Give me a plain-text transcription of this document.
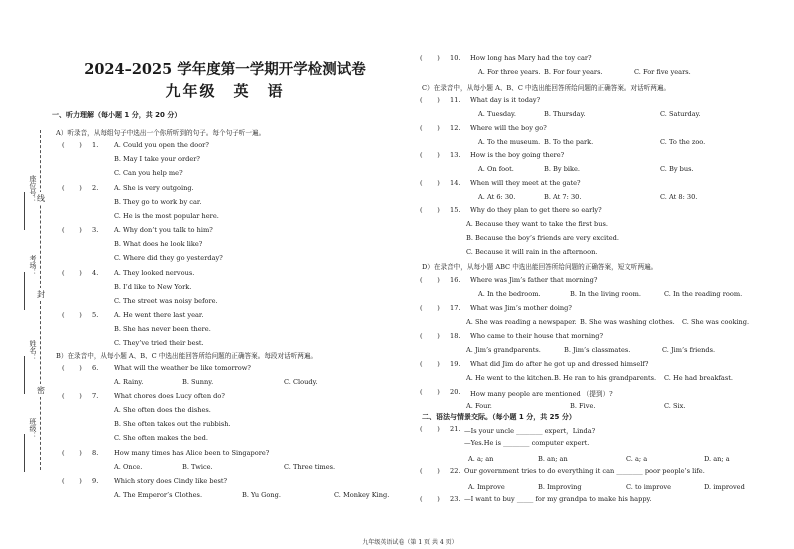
线
封
密
座位号：
考场：
姓名：
班级：
2024–2025 学年度第一学期开学检测试卷
九年级　英　语
一、听力理解（每小题 1 分，共 20 分）
A）听录音，从每组句子中选出一个你所听到的句子。每个句子听一遍。
(       ) 1. A. Could you open the door?
B. May I take your order?
C. Can you help me?
(       ) 2. A. She is very outgoing.
B. They go to work by car.
C. He is the most popular here.
(       ) 3. A. Why don’t you talk to him?
B. What does he look like?
C. Where did they go yesterday?
(       ) 4. A. They looked nervous.
B. I’d like to New York.
C. The street was noisy before.
(       ) 5. A. He went there last year.
B. She has never been there.
C. They’ve tried their best.
B）在录音中，从每小题 A、B、C 中选出能回答所给问题的正确答案。每段对话听两遍。
(       ) 6. What will the weather be like tomorrow?
A. Rainy.	B. Sunny.	C. Cloudy.
(       ) 7. What chores does Lucy often do?
A. She often does the dishes.
B. She often takes out the rubbish.
C. She often makes the bed.
(       ) 8. How many times has Alice been to Singapore?
A. Once.	B. Twice.	C. Three times.
(       ) 9. Which story does Cindy like best?
A. The Emperor’s Clothes.	B. Yu Gong.	C. Monkey King.
(       ) 10. How long has Mary had the toy car?
A. For three years. B. For four years.	C. For five years.
C）在录音中，从每小题 A、B、C 中选出能回答所给问题的正确答案。对话听两遍。
(       ) 11. What day is it today?
A. Tuesday.	B. Thursday.	C. Saturday.
(       ) 12. Where will the boy go?
A. To the museum. B. To the park.	C. To the zoo.
(       ) 13. How is the boy going there?
A. On foot.	B. By bike.	C. By bus.
(       ) 14. When will they meet at the gate?
A. At 6: 30.	B. At 7: 30.	C. At 8: 30.
(       ) 15. Why do they plan to get there so early?
A. Because they want to take the first bus.
B. Because the boy’s friends are very excited.
C. Because it will rain in the afternoon.
D）在录音中，从每小题 ABC 中选出能回答所给问题的正确答案，短文听两遍。
(       ) 16. Where was Jim’s father that morning?
A. In the bedroom.	B. In the living room.	C. In the reading room.
(       ) 17. What was Jim’s mother doing?
A. She was reading a newspaper. B. She was washing clothes. C. She was cooking.
(       ) 18. Who came to their house that morning?
A. Jim’s grandparents.	B. Jim’s classmates.	C. Jim’s friends.
(       ) 19. What did Jim do after he got up and dressed himself?
A. He went to the kitchen. B. He ran to his grandparents. C. He had breakfast.
(       ) 20. How many people are mentioned （提到）?
A. Four.	B. Five.	C. Six.
二、语法与情景交际。（每小题 1 分，共 25 分）
(       ) 21. —Is your uncle ________ expert，Linda?
—Yes.He is ________ computer expert.
A. a; an	B. an; an	C. a; a	D. an; a
(       ) 22. Our government tries to do everything it can ________ poor people’s life.
A. Improve	B. Improving	C. to improve	D. improved
(       ) 23. —I want to buy _____ for my grandpa to make his happy.
九年级英语试卷（第 1 页 共 4 页）
